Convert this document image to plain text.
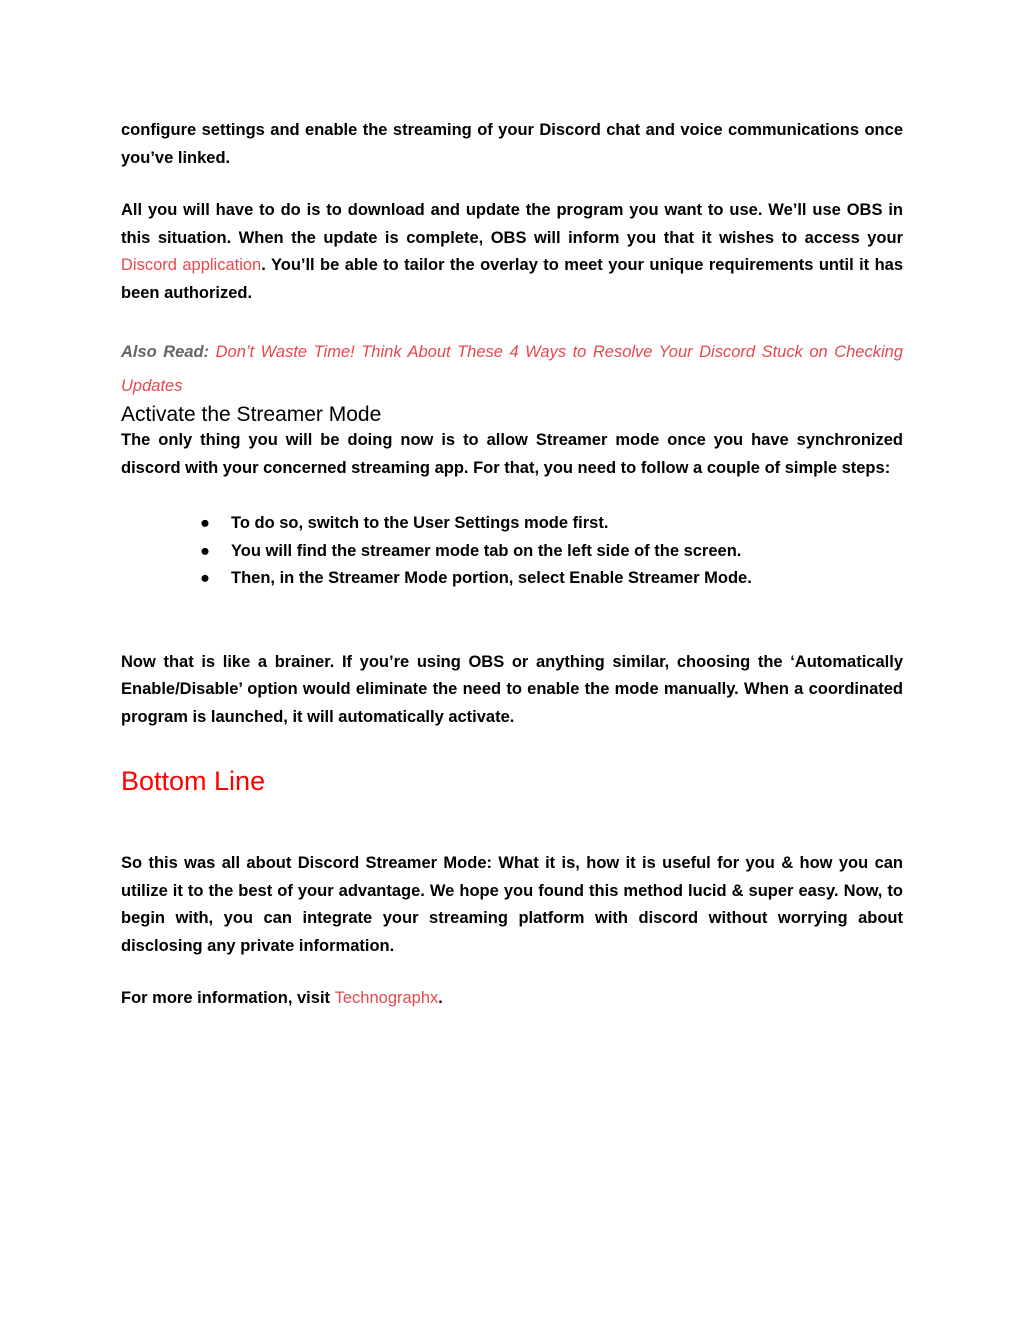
configure settings and enable the streaming of your Discord chat and voice communications once you’ve linked.

All you will have to do is to download and update the program you want to use. We’ll use OBS in this situation. When the update is complete, OBS will inform you that it wishes to access your Discord application. You’ll be able to tailor the overlay to meet your unique requirements until it has been authorized.

Also Read: Don’t Waste Time! Think About These 4 Ways to Resolve Your Discord Stuck on Checking Updates

Activate the Streamer Mode

The only thing you will be doing now is to allow Streamer mode once you have synchronized discord with your concerned streaming app. For that, you need to follow a couple of simple steps:

● To do so, switch to the User Settings mode first.
● You will find the streamer mode tab on the left side of the screen.
● Then, in the Streamer Mode portion, select Enable Streamer Mode.

Now that is like a brainer. If you’re using OBS or anything similar, choosing the ‘Automatically Enable/Disable’ option would eliminate the need to enable the mode manually. When a coordinated program is launched, it will automatically activate.

Bottom Line

So this was all about Discord Streamer Mode: What it is, how it is useful for you & how you can utilize it to the best of your advantage. We hope you found this method lucid & super easy. Now, to begin with, you can integrate your streaming platform with discord without worrying about disclosing any private information.

For more information, visit Technographx.
